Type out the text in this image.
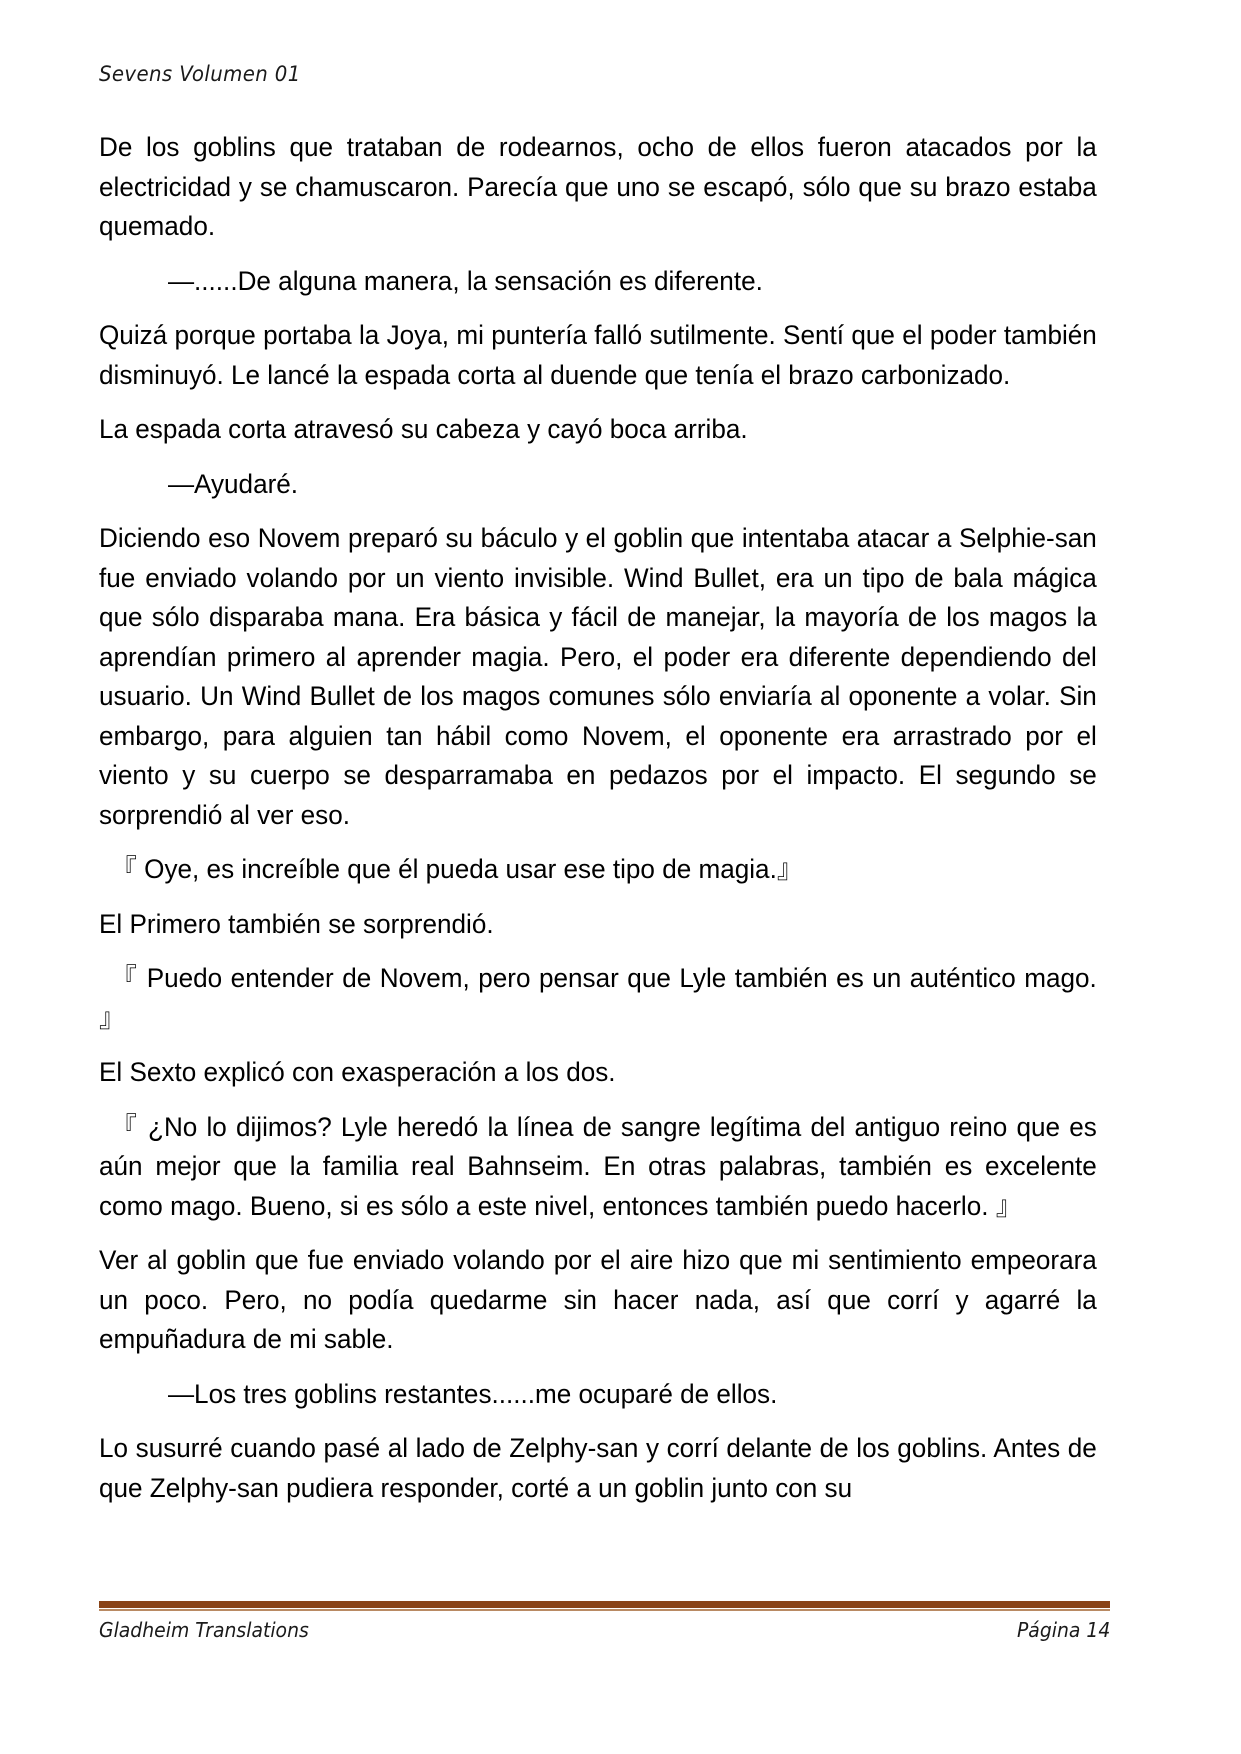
Sevens Volumen 01

De los goblins que trataban de rodearnos, ocho de ellos fueron atacados por la electricidad y se chamuscaron. Parecía que uno se escapó, sólo que su brazo estaba quemado.

—......De alguna manera, la sensación es diferente.

Quizá porque portaba la Joya, mi puntería falló sutilmente. Sentí que el poder también disminuyó. Le lancé la espada corta al duende que tenía el brazo carbonizado.

La espada corta atravesó su cabeza y cayó boca arriba.

—Ayudaré.

Diciendo eso Novem preparó su báculo y el goblin que intentaba atacar a Selphie-san fue enviado volando por un viento invisible. Wind Bullet, era un tipo de bala mágica que sólo disparaba mana. Era básica y fácil de manejar, la mayoría de los magos la aprendían primero al aprender magia. Pero, el poder era diferente dependiendo del usuario. Un Wind Bullet de los magos comunes sólo enviaría al oponente a volar. Sin embargo, para alguien tan hábil como Novem, el oponente era arrastrado por el viento y su cuerpo se desparramaba en pedazos por el impacto. El segundo se sorprendió al ver eso.

『 Oye, es increíble que él pueda usar ese tipo de magia.』

El Primero también se sorprendió.

『 Puedo entender de Novem, pero pensar que Lyle también es un auténtico mago. 』

El Sexto explicó con exasperación a los dos.

『 ¿No lo dijimos? Lyle heredó la línea de sangre legítima del antiguo reino que es aún mejor que la familia real Bahnseim. En otras palabras, también es excelente como mago. Bueno, si es sólo a este nivel, entonces también puedo hacerlo. 』

Ver al goblin que fue enviado volando por el aire hizo que mi sentimiento empeorara un poco. Pero, no podía quedarme sin hacer nada, así que corrí y agarré la empuñadura de mi sable.

—Los tres goblins restantes......me ocuparé de ellos.

Lo susurré cuando pasé al lado de Zelphy-san y corrí delante de los goblins. Antes de que Zelphy-san pudiera responder, corté a un goblin junto con su

Gladheim Translations	Página 14
